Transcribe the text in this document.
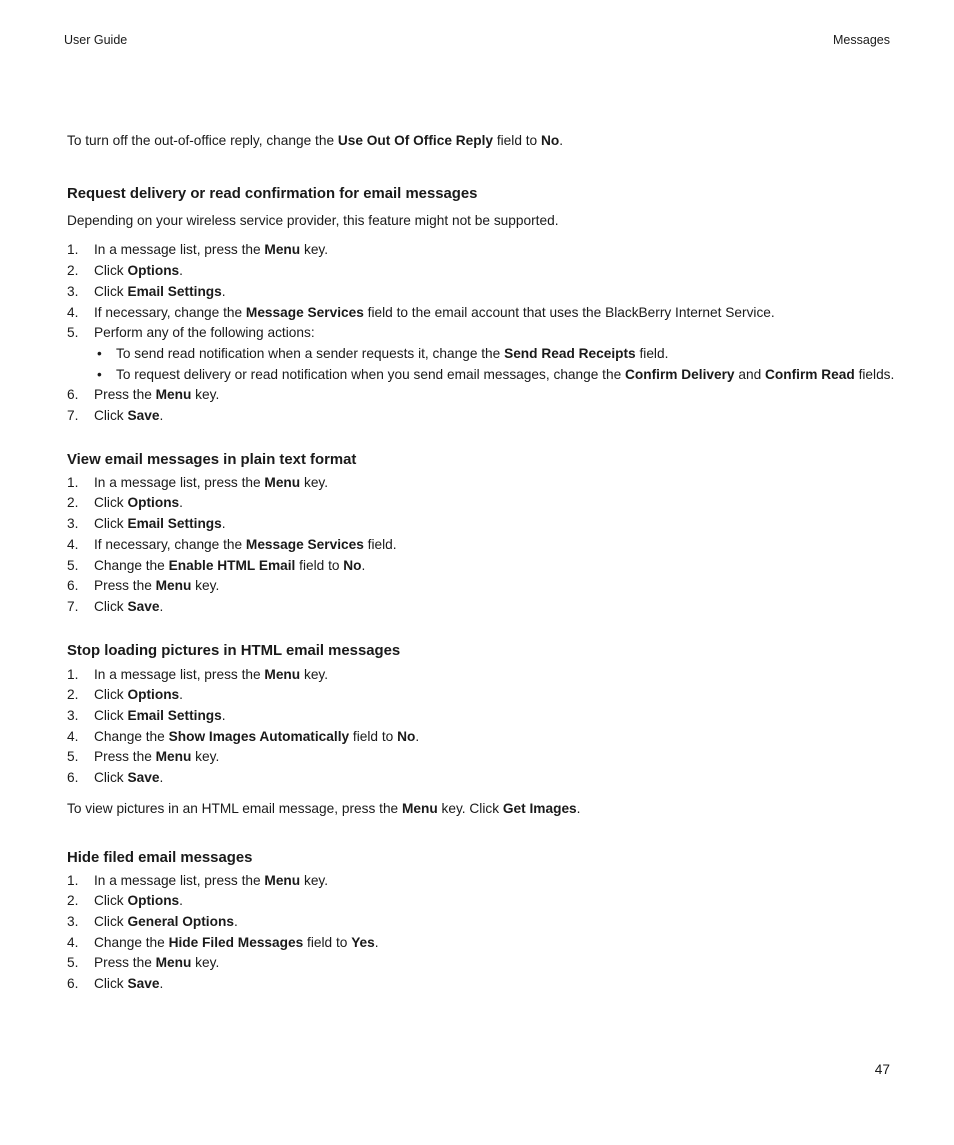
User Guide	Messages

To turn off the out-of-office reply, change the Use Out Of Office Reply field to No.

Request delivery or read confirmation for email messages

Depending on your wireless service provider, this feature might not be supported.

1. In a message list, press the Menu key.
2. Click Options.
3. Click Email Settings.
4. If necessary, change the Message Services field to the email account that uses the BlackBerry Internet Service.
5. Perform any of the following actions:
• To send read notification when a sender requests it, change the Send Read Receipts field.
• To request delivery or read notification when you send email messages, change the Confirm Delivery and Confirm Read fields.
6. Press the Menu key.
7. Click Save.
View email messages in plain text format
1. In a message list, press the Menu key.
2. Click Options.
3. Click Email Settings.
4. If necessary, change the Message Services field.
5. Change the Enable HTML Email field to No.
6. Press the Menu key.
7. Click Save.
Stop loading pictures in HTML email messages
1. In a message list, press the Menu key.
2. Click Options.
3. Click Email Settings.
4. Change the Show Images Automatically field to No.
5. Press the Menu key.
6. Click Save.

To view pictures in an HTML email message, press the Menu key. Click Get Images.

Hide filed email messages
1. In a message list, press the Menu key.
2. Click Options.
3. Click General Options.
4. Change the Hide Filed Messages field to Yes.
5. Press the Menu key.
6. Click Save.
47
